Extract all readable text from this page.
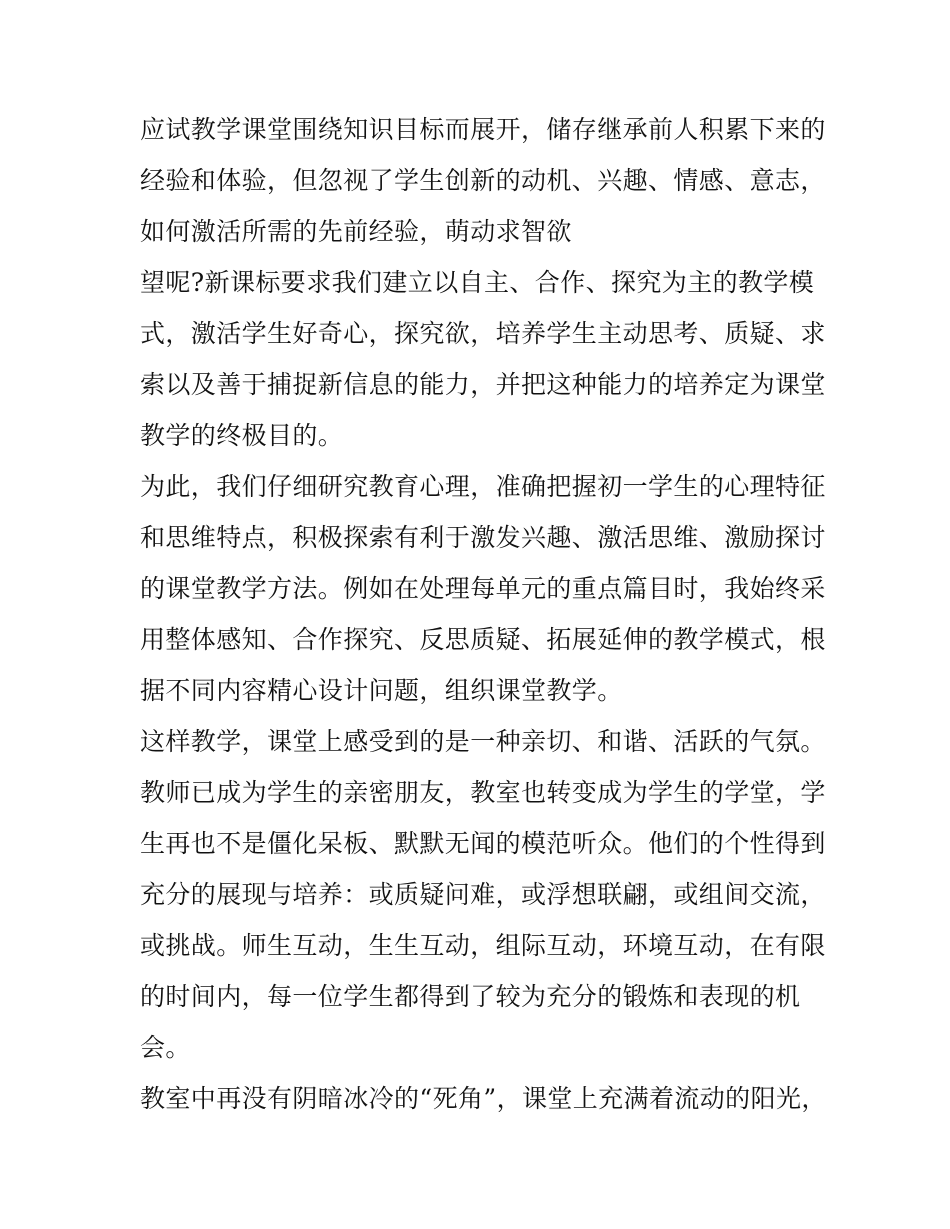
应试教学课堂围绕知识目标而展开，储存继承前人积累下来的
经验和体验，但忽视了学生创新的动机、兴趣、情感、意志，
如何激活所需的先前经验，萌动求智欲
望呢?新课标要求我们建立以自主、合作、探究为主的教学模
式，激活学生好奇心，探究欲，培养学生主动思考、质疑、求
索以及善于捕捉新信息的能力，并把这种能力的培养定为课堂
教学的终极目的。
为此，我们仔细研究教育心理，准确把握初一学生的心理特征
和思维特点，积极探索有利于激发兴趣、激活思维、激励探讨
的课堂教学方法。例如在处理每单元的重点篇目时，我始终采
用整体感知、合作探究、反思质疑、拓展延伸的教学模式，根
据不同内容精心设计问题，组织课堂教学。
这样教学，课堂上感受到的是一种亲切、和谐、活跃的气氛。
教师已成为学生的亲密朋友，教室也转变成为学生的学堂，学
生再也不是僵化呆板、默默无闻的模范听众。他们的个性得到
充分的展现与培养：或质疑问难，或浮想联翩，或组间交流，
或挑战。师生互动，生生互动，组际互动，环境互动，在有限
的时间内，每一位学生都得到了较为充分的锻炼和表现的机
会。
教室中再没有阴暗冰冷的“死角”，课堂上充满着流动的阳光，
